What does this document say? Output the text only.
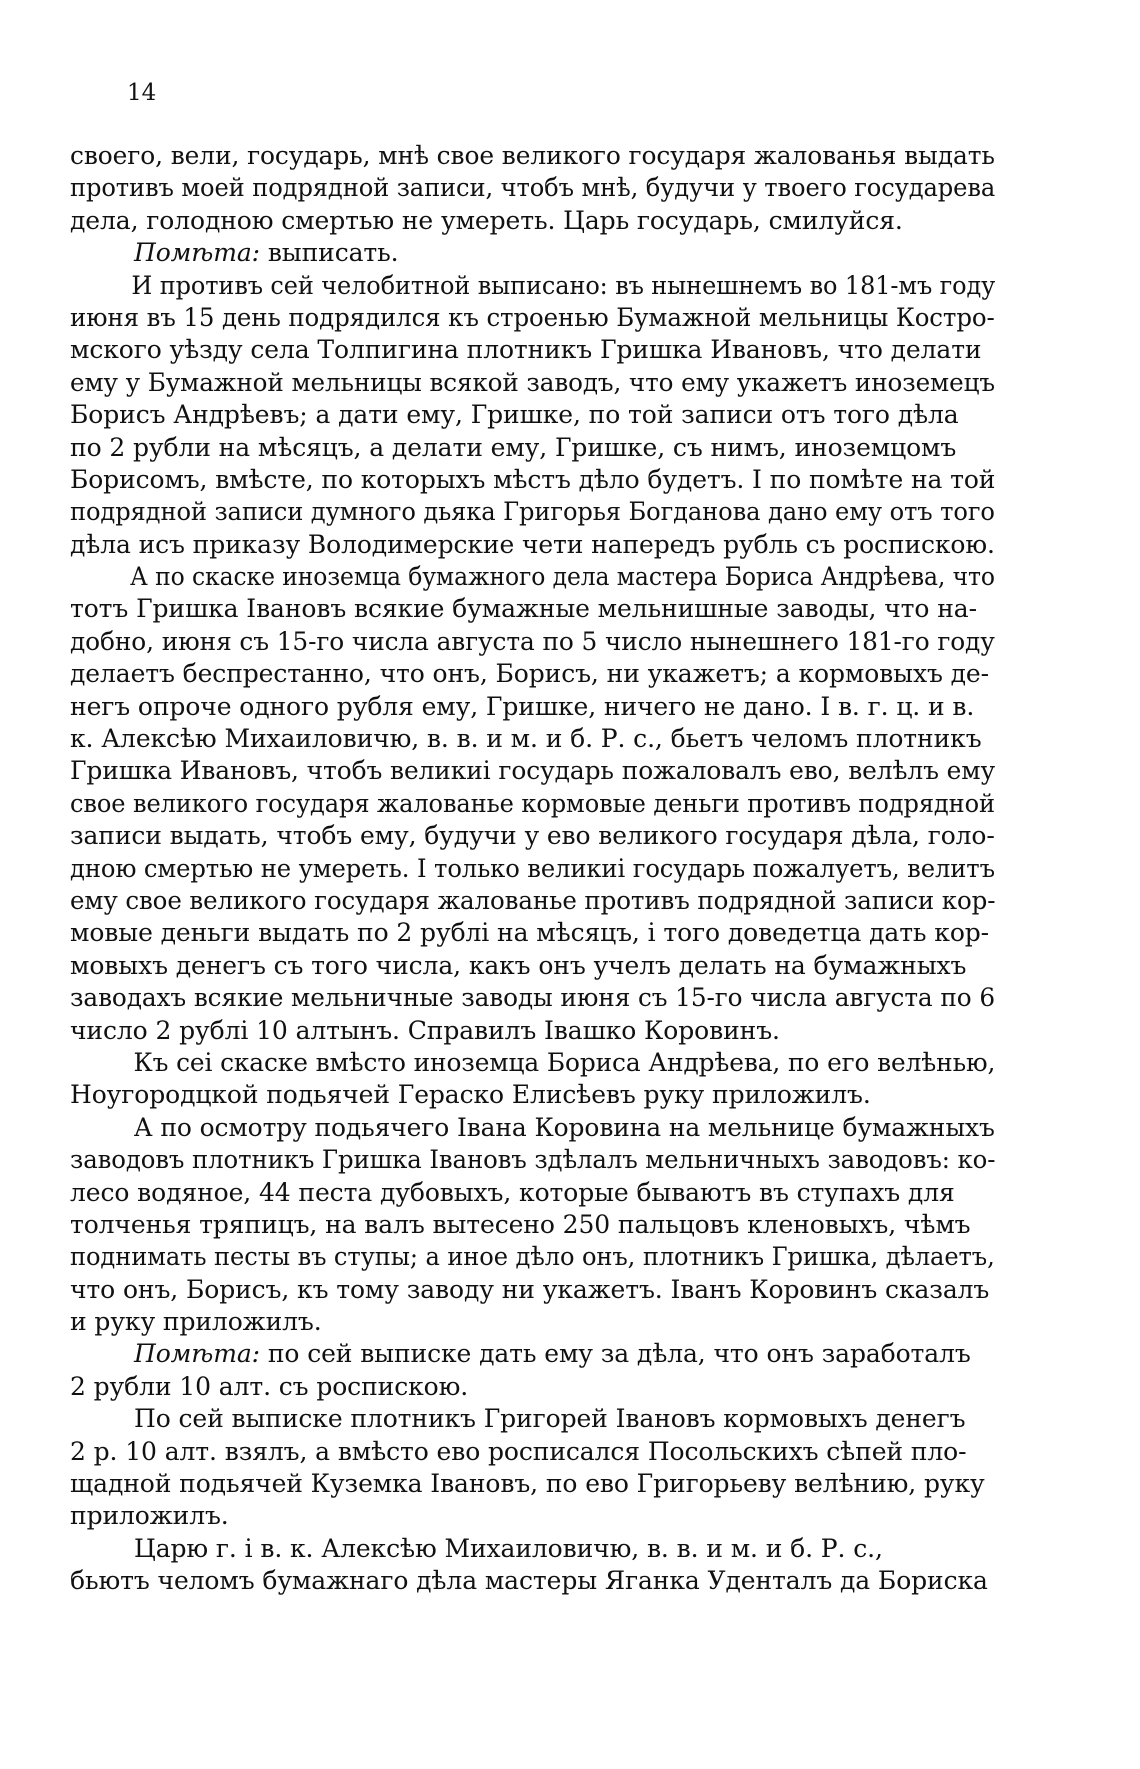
14

своего, вели, государь, мнѣ свое великого государя жалованья выдать
противъ моей подрядной записи, чтобъ мнѣ, будучи у твоего государева
дела, голодною смертью не умереть. Царь государь, смилуйся.
Помѣта: выписать.
И противъ сей челобитной выписано: въ нынешнемъ во 181-мъ году
июня въ 15 день подрядился къ строенью Бумажной мельницы Костро-
мского уѣзду села Толпигина плотникъ Гришка Ивановъ, что делати
ему у Бумажной мельницы всякой заводъ, что ему укажетъ иноземецъ
Борисъ Андрѣевъ; а дати ему, Гришке, по той записи отъ того дѣла
по 2 рубли на мѣсяцъ, а делати ему, Гришке, съ нимъ, иноземцомъ
Борисомъ, вмѣсте, по которыхъ мѣстъ дѣло будетъ. І по помѣте на той
подрядной записи думного дьяка Григорья Богданова дано ему отъ того
дѣла исъ приказу Володимерские чети напередъ рубль съ роспискою.
А по скаске иноземца бумажного дела мастера Бориса Андрѣева, что
тотъ Гришка Івановъ всякие бумажные мельнишные заводы, что на-
добно, июня съ 15-го числа августа по 5 число нынешнего 181-го году
делаетъ беспрестанно, что онъ, Борисъ, ни укажетъ; а кормовыхъ де-
негъ опроче одного рубля ему, Гришке, ничего не дано. І в. г. ц. и в.
к. Алексѣю Михаиловичю, в. в. и м. и б. Р. с., бьетъ челомъ плотникъ
Гришка Ивановъ, чтобъ великиі государь пожаловалъ ево, велѣлъ ему
свое великого государя жалованье кормовые деньги противъ подрядной
записи выдать, чтобъ ему, будучи у ево великого государя дѣла, голо-
дною смертью не умереть. І только великиі государь пожалуетъ, велитъ
ему свое великого государя жалованье противъ подрядной записи кор-
мовые деньги выдать по 2 рублі на мѣсяцъ, і того доведетца дать кор-
мовыхъ денегъ съ того числа, какъ онъ учелъ делать на бумажныхъ
заводахъ всякие мельничные заводы июня съ 15-го числа августа по 6
число 2 рублі 10 алтынъ. Справилъ Івашко Коровинъ.
Къ сеі скаске вмѣсто иноземца Бориса Андрѣева, по его велѣнью,
Ноугородцкой подьячей Гераско Елисѣевъ руку приложилъ.
А по осмотру подьячего Івана Коровина на мельнице бумажныхъ
заводовъ плотникъ Гришка Івановъ здѣлалъ мельничныхъ заводовъ: ко-
лесо водяное, 44 песта дубовыхъ, которые бываютъ въ ступахъ для
толченья тряпицъ, на валъ вытесено 250 пальцовъ кленовыхъ, чѣмъ
поднимать песты въ ступы; а иное дѣло онъ, плотникъ Гришка, дѣлаетъ,
что онъ, Борисъ, къ тому заводу ни укажетъ. Іванъ Коровинъ сказалъ
и руку приложилъ.
Помѣта: по сей выписке дать ему за дѣла, что онъ заработалъ
2 рубли 10 алт. съ роспискою.
По сей выписке плотникъ Григорей Івановъ кормовыхъ денегъ
2 р. 10 алт. взялъ, а вмѣсто ево росписался Посольскихъ сѣпей пло-
щадной подьячей Куземка Івановъ, по ево Григорьеву велѣнию, руку
приложилъ.
Царю г. і в. к. Алексѣю Михаиловичю, в. в. и м. и б. Р. с.,
бьютъ челомъ бумажнаго дѣла мастеры Яганка Уденталъ да Бориска
